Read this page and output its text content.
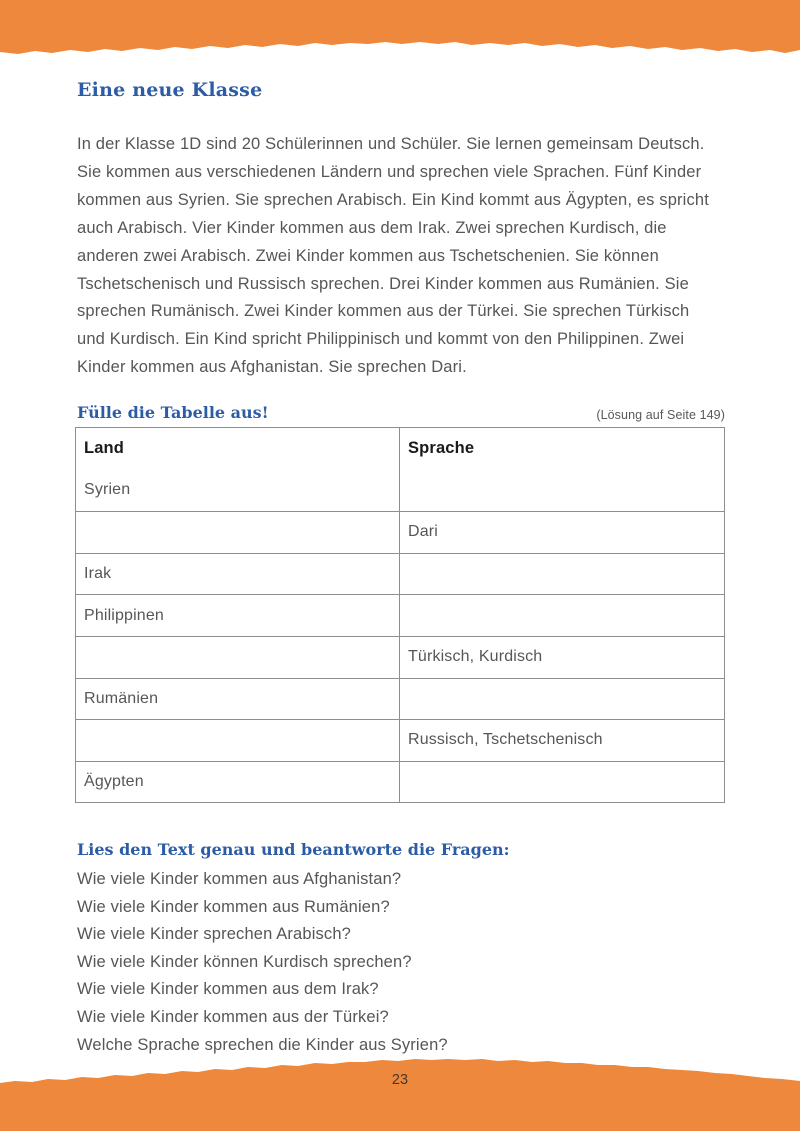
Eine neue Klasse
In der Klasse 1D sind 20 Schülerinnen und Schüler. Sie lernen gemeinsam Deutsch.
Sie kommen aus verschiedenen Ländern und sprechen viele Sprachen. Fünf Kinder
kommen aus Syrien. Sie sprechen Arabisch. Ein Kind kommt aus Ägypten, es spricht
auch Arabisch. Vier Kinder kommen aus dem Irak. Zwei sprechen Kurdisch, die
anderen zwei Arabisch. Zwei Kinder kommen aus Tschetschenien. Sie können
Tschetschenisch und Russisch sprechen. Drei Kinder kommen aus Rumänien. Sie
sprechen Rumänisch. Zwei Kinder kommen aus der Türkei. Sie sprechen Türkisch
und Kurdisch. Ein Kind spricht Philippinisch und kommt von den Philippinen. Zwei
Kinder kommen aus Afghanistan. Sie sprechen Dari.
Fülle die Tabelle aus!	(Lösung auf Seite 149)
Land	Sprache
Syrien
Dari
Irak
Philippinen
Türkisch, Kurdisch
Rumänien
Russisch, Tschetschenisch
Ägypten
Lies den Text genau und beantworte die Fragen:
Wie viele Kinder kommen aus Afghanistan?
Wie viele Kinder kommen aus Rumänien?
Wie viele Kinder sprechen Arabisch?
Wie viele Kinder können Kurdisch sprechen?
Wie viele Kinder kommen aus dem Irak?
Wie viele Kinder kommen aus der Türkei?
Welche Sprache sprechen die Kinder aus Syrien?
23
